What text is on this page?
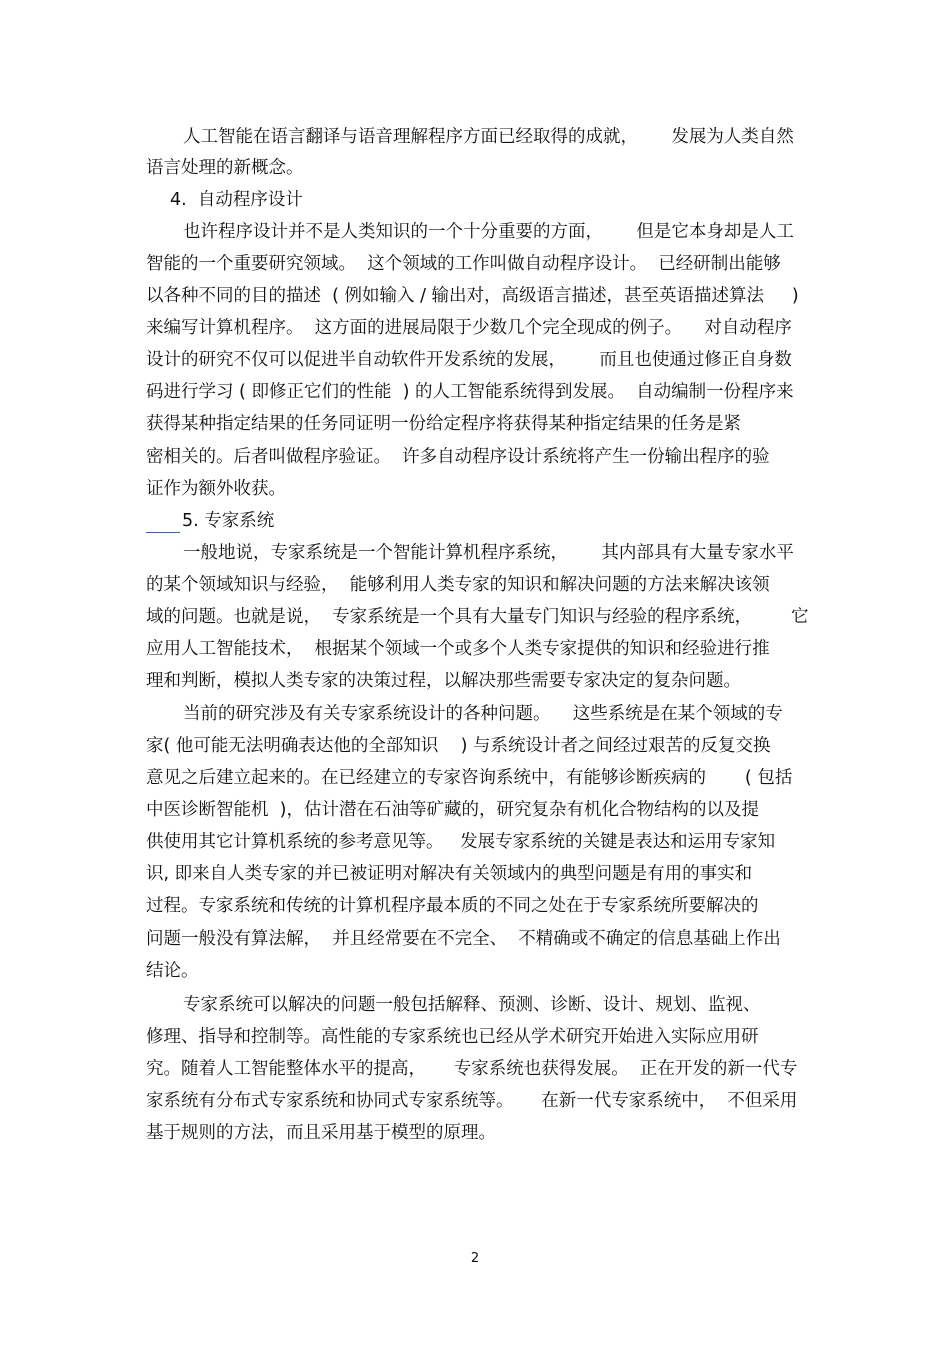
人工智能在语言翻译与语音理解程序方面已经取得的成就，      发展为人类自然
语言处理的新概念。
4.  自动程序设计
也许程序设计并不是人类知识的一个十分重要的方面，      但是它本身却是人工
智能的一个重要研究领域。  这个领域的工作叫做自动程序设计。  已经研制出能够
以各种不同的目的描述  ( 例如输入 / 输出对，高级语言描述，甚至英语描述算法     )
来编写计算机程序。  这方面的进展局限于少数几个完全现成的例子。    对自动程序
设计的研究不仅可以促进半自动软件开发系统的发展，      而且也使通过修正自身数
码进行学习 ( 即修正它们的性能  ) 的人工智能系统得到发展。  自动编制一份程序来
获得某种指定结果的任务同证明一份给定程序将获得某种指定结果的任务是紧
密相关的。后者叫做程序验证。  许多自动程序设计系统将产生一份输出程序的验
证作为额外收获。
5. 专家系统
一般地说，专家系统是一个智能计算机程序系统，      其内部具有大量专家水平
的某个领域知识与经验，  能够利用人类专家的知识和解决问题的方法来解决该领
域的问题。也就是说，  专家系统是一个具有大量专门知识与经验的程序系统，       它
应用人工智能技术，  根据某个领域一个或多个人类专家提供的知识和经验进行推
理和判断，模拟人类专家的决策过程，以解决那些需要专家决定的复杂问题。
当前的研究涉及有关专家系统设计的各种问题。    这些系统是在某个领域的专
家( 他可能无法明确表达他的全部知识    ) 与系统设计者之间经过艰苦的反复交换
意见之后建立起来的。在已经建立的专家咨询系统中，有能够诊断疾病的       ( 包括
中医诊断智能机  )，估计潜在石油等矿藏的，研究复杂有机化合物结构的以及提
供使用其它计算机系统的参考意见等。   发展专家系统的关键是表达和运用专家知
识, 即来自人类专家的并已被证明对解决有关领域内的典型问题是有用的事实和
过程。专家系统和传统的计算机程序最本质的不同之处在于专家系统所要解决的
问题一般没有算法解，  并且经常要在不完全、  不精确或不确定的信息基础上作出
结论。
专家系统可以解决的问题一般包括解释、预测、诊断、设计、规划、监视、
修理、指导和控制等。高性能的专家系统也已经从学术研究开始进入实际应用研
究。随着人工智能整体水平的提高，     专家系统也获得发展。  正在开发的新一代专
家系统有分布式专家系统和协同式专家系统等。     在新一代专家系统中，  不但采用
基于规则的方法，而且采用基于模型的原理。
2
